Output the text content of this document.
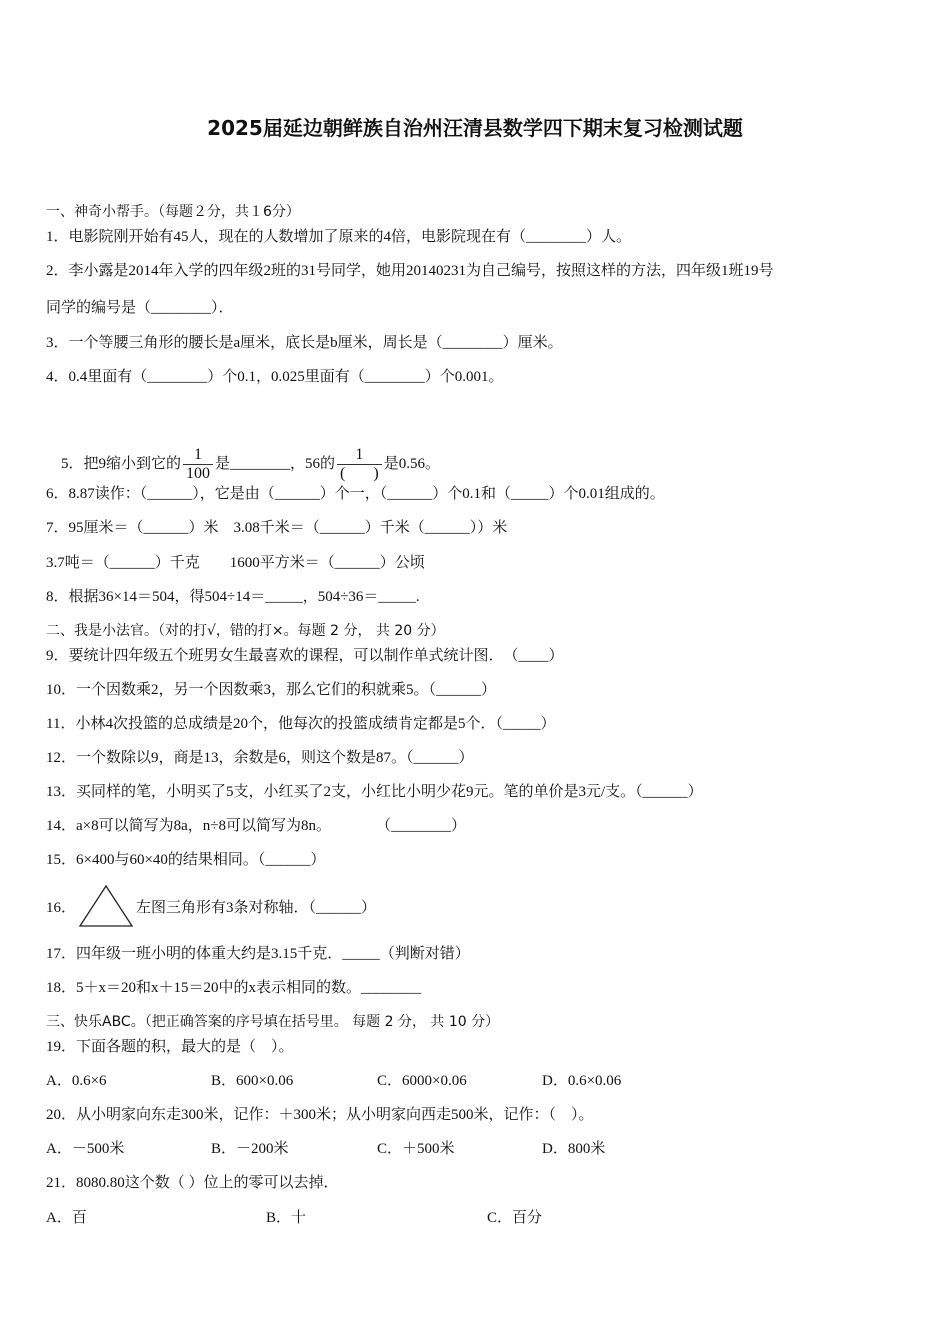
2025届延边朝鲜族自治州汪清县数学四下期末复习检测试题
一、神奇小帮手。（每题２分，共１6分）
1．电影院刚开始有45人，现在的人数增加了原来的4倍，电影院现在有（________）人。
2．李小露是2014年入学的四年级2班的31号同学，她用20140231为自己编号，按照这样的方法，四年级1班19号
同学的编号是（________）．
3．一个等腰三角形的腰长是a厘米，底长是b厘米，周长是（________）厘米。
4．0.4里面有（________）个0.1，0.025里面有（________）个0.001。

5．把9缩小到它的 $\frac{1}{100}$ 是________，56的 $\frac{1}{( )}$ 是0.56。

6．8.87读作：（______），它是由（______）个一，（______）个0.1和（_____）个0.01组成的。
7．95厘米＝（______）米　3.08千米＝（______）千米（______））米
3.7吨＝（______）千克　　1600平方米＝（______）公顷
8．根据36×14＝504，得504÷14＝_____，504÷36＝_____.
二、我是小法官。（对的打√，错的打×。每题 2 分， 共 20 分）
9．要统计四年级五个班男女生最喜欢的课程，可以制作单式统计图．　（____）
10．一个因数乘2，另一个因数乘3，那么它们的积就乘5。（______）
11．小林4次投篮的总成绩是20个，他每次的投篮成绩肯定都是5个．（_____）
12．一个数除以9，商是13，余数是6，则这个数是87。（______）
13．买同样的笔，小明买了5支，小红买了2支，小红比小明少花9元。笔的单价是3元/支。（______）
14．a×8可以简写为8a，n÷8可以简写为8n。　　　　（________）
15．6×400与60×40的结果相同。（______）
16．	左图三角形有3条对称轴．（______）
17．四年级一班小明的体重大约是3.15千克．_____（判断对错）
18．5＋x＝20和x＋15＝20中的x表示相同的数。________
三、快乐ABC。（把正确答案的序号填在括号里。 每题 2 分， 共 10 分）
19．下面各题的积，最大的是（　）。
A．0.6×6	B．600×0.06	C．6000×0.06	D．0.6×0.06
20．从小明家向东走300米，记作：＋300米；从小明家向西走500米，记作：（　）。
A．－500米	B．－200米	C．＋500米	D．800米
21．8080.80这个数（ ）位上的零可以去掉．
A．百	B．十	C．百分
